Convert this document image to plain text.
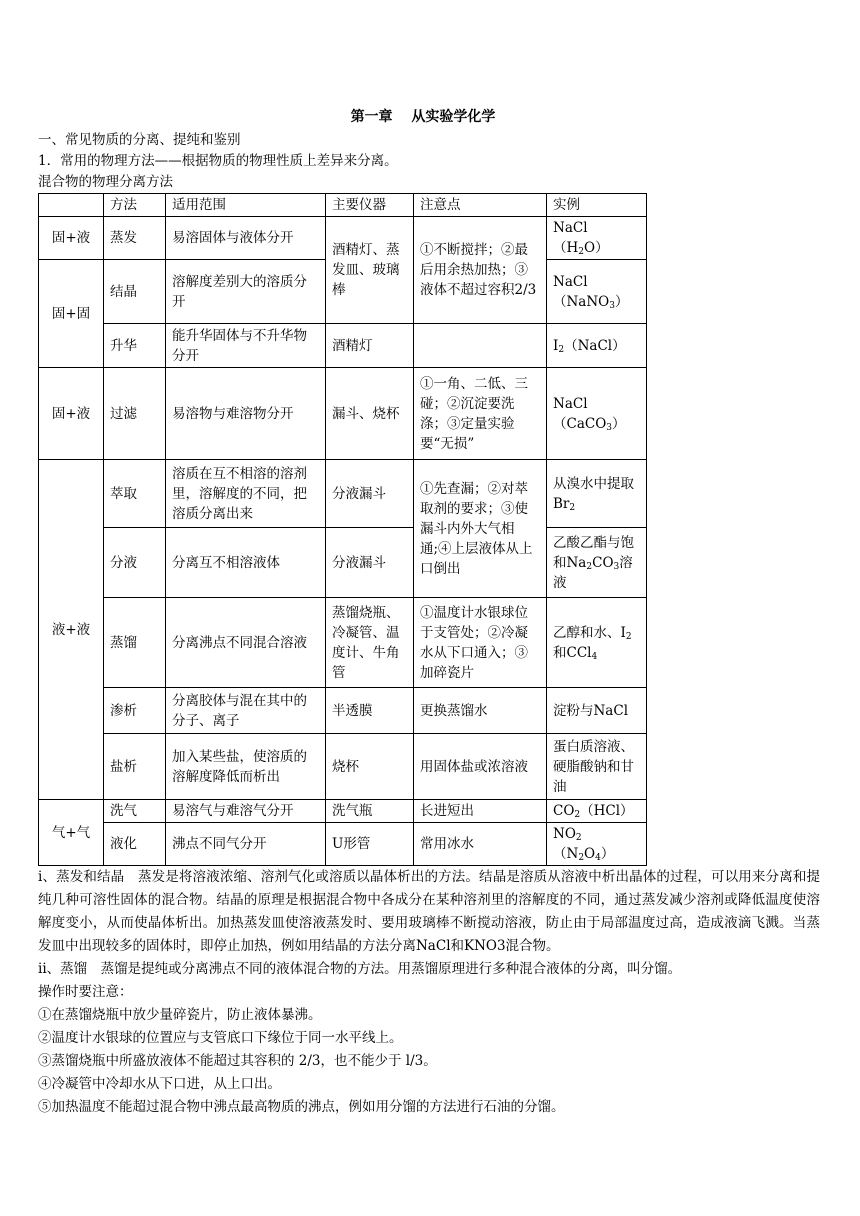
第一章　 从实验学化学
一、常见物质的分离、提纯和鉴别
1．常用的物理方法——根据物质的物理性质上差异来分离。
混合物的物理分离方法
	方法	适用范围	主要仪器	注意点	实例
固+液	蒸发	易溶固体与液体分开	酒精灯、蒸发皿、玻璃棒	①不断搅拌；②最后用余热加热；③液体不超过容积2/3	$NaCl(H_2O)$
固+固	结晶	溶解度差别大的溶质分开			NaCl（NaNO$_3$）
	升华	能升华固体与不升华物分开	酒精灯		$I_2(NaCl)$
固+液	过滤	易溶物与难溶物分开	漏斗、烧杯	①一角、二低、三碰；②沉淀要洗涤；③定量实验要“无损”	NaCl（CaCO$_3$）
液+液	萃取	溶质在互不相溶的溶剂里，溶解度的不同，把溶质分离出来	分液漏斗	①先查漏；②对萃取剂的要求；③使漏斗内外大气相通;④上层液体从上口倒出	从溴水中提取$Br_2$
	分液	分离互不相溶液体	分液漏斗		乙酸乙酯与饱和$Na_2CO_3$溶液
	蒸馏	分离沸点不同混合溶液	蒸馏烧瓶、冷凝管、温度计、牛角管	①温度计水银球位于支管处；②冷凝水从下口通入；③加碎瓷片	乙醇和水、$I_2$和CCl$_4$
	渗析	分离胶体与混在其中的分子、离子	半透膜	更换蒸馏水	淀粉与NaCl
	盐析	加入某些盐，使溶质的溶解度降低而析出	烧杯	用固体盐或浓溶液	蛋白质溶液、硬脂酸钠和甘油
气+气	洗气	易溶气与难溶气分开	洗气瓶	长进短出	$CO_2(HCl)$
	液化	沸点不同气分开	U形管	常用冰水	$NO_2(N_2O_4)$

i、蒸发和结晶　蒸发是将溶液浓缩、溶剂气化或溶质以晶体析出的方法。结晶是溶质从溶液中析出晶体的过程，可以用来分离和提纯几种可溶性固体的混合物。结晶的原理是根据混合物中各成分在某种溶剂里的溶解度的不同，通过蒸发减少溶剂或降低温度使溶解度变小，从而使晶体析出。加热蒸发皿使溶液蒸发时、要用玻璃棒不断搅动溶液，防止由于局部温度过高，造成液滴飞溅。当蒸发皿中出现较多的固体时，即停止加热，例如用结晶的方法分离NaCl和KNO3混合物。

ii、蒸馏　蒸馏是提纯或分离沸点不同的液体混合物的方法。用蒸馏原理进行多种混合液体的分离，叫分馏。

操作时要注意：

①在蒸馏烧瓶中放少量碎瓷片，防止液体暴沸。

②温度计水银球的位置应与支管底口下缘位于同一水平线上。

③蒸馏烧瓶中所盛放液体不能超过其容积的 2/3，也不能少于 l/3。

④冷凝管中冷却水从下口进，从上口出。

⑤加热温度不能超过混合物中沸点最高物质的沸点，例如用分馏的方法进行石油的分馏。
